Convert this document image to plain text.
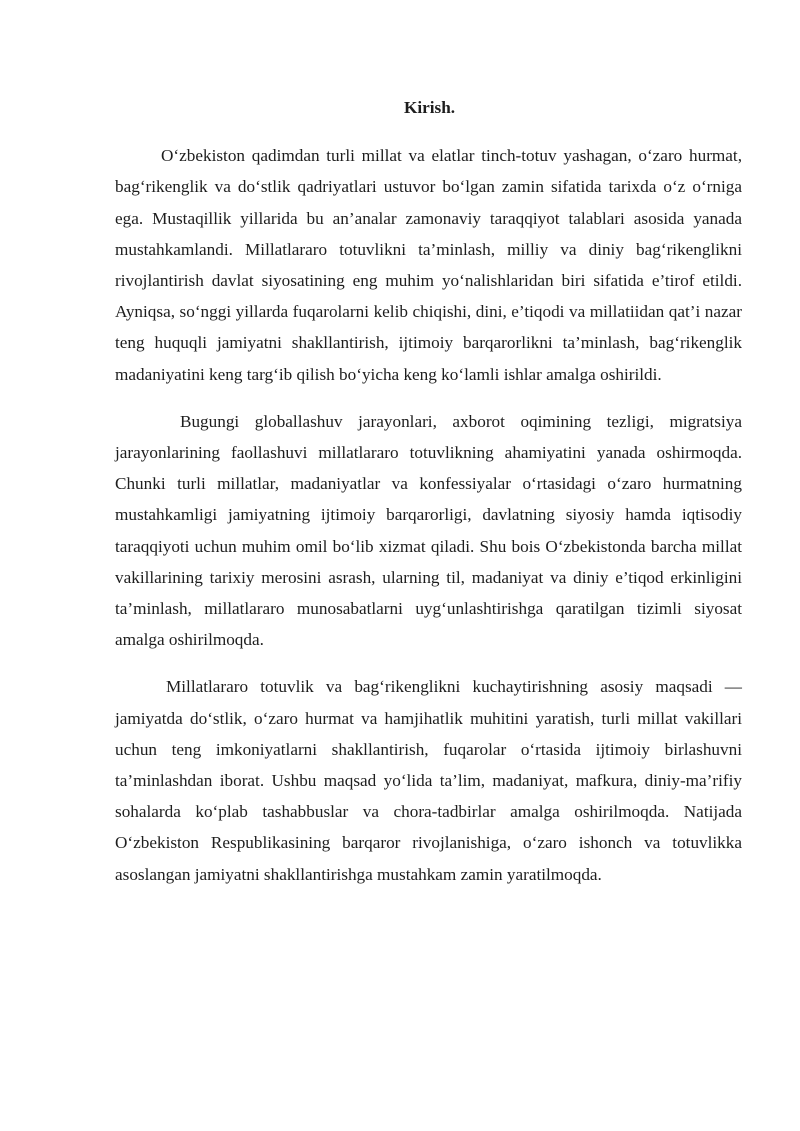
Kirish.

O‘zbekiston qadimdan turli millat va elatlar tinch-totuv yashagan, o‘zaro hurmat, bag‘rikenglik va do‘stlik qadriyatlari ustuvor bo‘lgan zamin sifatida tarixda o‘z o‘rniga ega. Mustaqillik yillarida bu an’analar zamonaviy taraqqiyot talablari asosida yanada mustahkamlandi. Millatlararo totuvlikni ta’minlash, milliy va diniy bag‘rikenglikni rivojlantirish davlat siyosatining eng muhim yo‘nalishlaridan biri sifatida e’tirof etildi. Ayniqsa, so‘nggi yillarda fuqarolarni kelib chiqishi, dini, e’tiqodi va millatiidan qat’i nazar teng huquqli jamiyatni shakllantirish, ijtimoiy barqarorlikni ta’minlash, bag‘rikenglik madaniyatini keng targ‘ib qilish bo‘yicha keng ko‘lamli ishlar amalga oshirildi.

Bugungi globallashuv jarayonlari, axborot oqimining tezligi, migratsiya jarayonlarining faollashuvi millatlararo totuvlikning ahamiyatini yanada oshirmoqda. Chunki turli millatlar, madaniyatlar va konfessiyalar o‘rtasidagi o‘zaro hurmatning mustahkamligi jamiyatning ijtimoiy barqarorligi, davlatning siyosiy hamda iqtisodiy taraqqiyoti uchun muhim omil bo‘lib xizmat qiladi. Shu bois O‘zbekistonda barcha millat vakillarining tarixiy merosini asrash, ularning til, madaniyat va diniy e’tiqod erkinligini ta’minlash, millatlararo munosabatlarni uyg‘unlashtirishga qaratilgan tizimli siyosat amalga oshirilmoqda.

Millatlararo totuvlik va bag‘rikenglikni kuchaytirishning asosiy maqsadi — jamiyatda do‘stlik, o‘zaro hurmat va hamjihatlik muhitini yaratish, turli millat vakillari uchun teng imkoniyatlarni shakllantirish, fuqarolar o‘rtasida ijtimoiy birlashuvni ta’minlashdan iborat. Ushbu maqsad yo‘lida ta’lim, madaniyat, mafkura, diniy-ma’rifiy sohalarda ko‘plab tashabbuslar va chora-tadbirlar amalga oshirilmoqda. Natijada O‘zbekiston Respublikasining barqaror rivojlanishiga, o‘zaro ishonch va totuvlikka asoslangan jamiyatni shakllantirishga mustahkam zamin yaratilmoqda.
